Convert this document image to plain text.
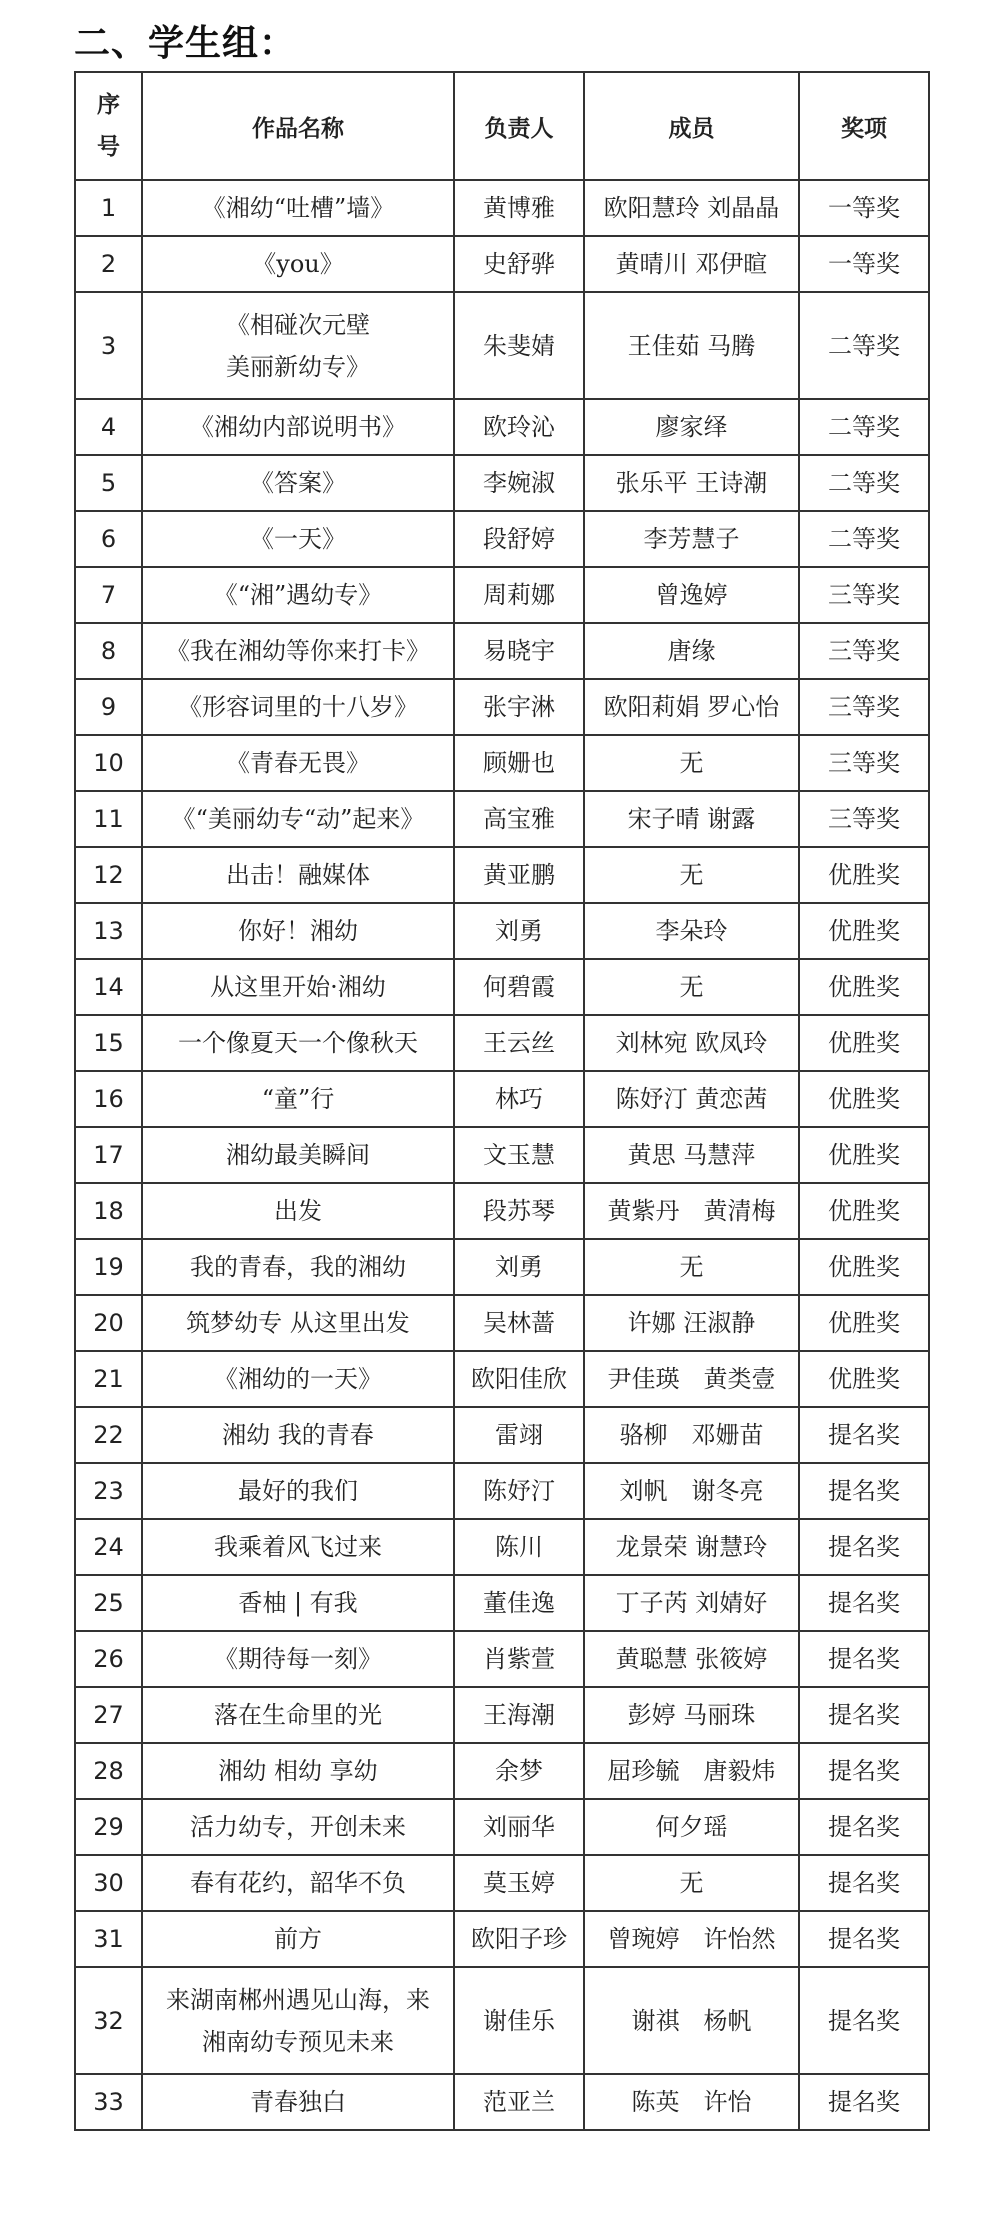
二、学生组：
序
号	作品名称	负责人	成员	奖项
1	《湘幼“吐槽”墙》	黄博雅	欧阳慧玲 刘晶晶	一等奖
2	《you》	史舒骅	黄晴川 邓伊暄	一等奖
3	《相碰次元壁
美丽新幼专》	朱斐婧	王佳茹 马腾	二等奖
4	《湘幼内部说明书》	欧玲沁	廖家绎	二等奖
5	《答案》	李婉淑	张乐平 王诗潮	二等奖
6	《一天》	段舒婷	李芳慧子	二等奖
7	《“湘”遇幼专》	周莉娜	曾逸婷	三等奖
8	《我在湘幼等你来打卡》	易晓宇	唐缘	三等奖
9	《形容词里的十八岁》	张宇淋	欧阳莉娟 罗心怡	三等奖
10	《青春无畏》	顾姗也	无	三等奖
11	《“美丽幼专“动”起来》	高宝雅	宋子晴 谢露	三等奖
12	出击！融媒体	黄亚鹏	无	优胜奖
13	你好！湘幼	刘勇	李朵玲	优胜奖
14	从这里开始·湘幼	何碧霞	无	优胜奖
15	一个像夏天一个像秋天	王云丝	刘林宛 欧凤玲	优胜奖
16	“童”行	林巧	陈妤汀 黄恋茜	优胜奖
17	湘幼最美瞬间	文玉慧	黄思 马慧萍	优胜奖
18	出发	段苏琴	黄紫丹　黄清梅	优胜奖
19	我的青春，我的湘幼	刘勇	无	优胜奖
20	筑梦幼专 从这里出发	吴林蔷	许娜 汪淑静	优胜奖
21	《湘幼的一天》	欧阳佳欣	尹佳瑛　黄类壹	优胜奖
22	湘幼 我的青春	雷翊	骆柳　邓姗苗	提名奖
23	最好的我们	陈妤汀	刘帆　谢冬亮	提名奖
24	我乘着风飞过来	陈川	龙景荣 谢慧玲	提名奖
25	香柚 | 有我	董佳逸	丁子芮 刘婧好	提名奖
26	《期待每一刻》	肖紫萱	黄聪慧 张筱婷	提名奖
27	落在生命里的光	王海潮	彭婷 马丽珠	提名奖
28	湘幼 相幼 享幼	余梦	屈珍毓　唐毅炜	提名奖
29	活力幼专，开创未来	刘丽华	何夕瑶	提名奖
30	春有花约，韶华不负	莫玉婷	无	提名奖
31	前方	欧阳子珍	曾琬婷　许怡然	提名奖
32	来湖南郴州遇见山海，来
湘南幼专预见未来	谢佳乐	谢祺　杨帆	提名奖
33	青春独白	范亚兰	陈英　许怡	提名奖
